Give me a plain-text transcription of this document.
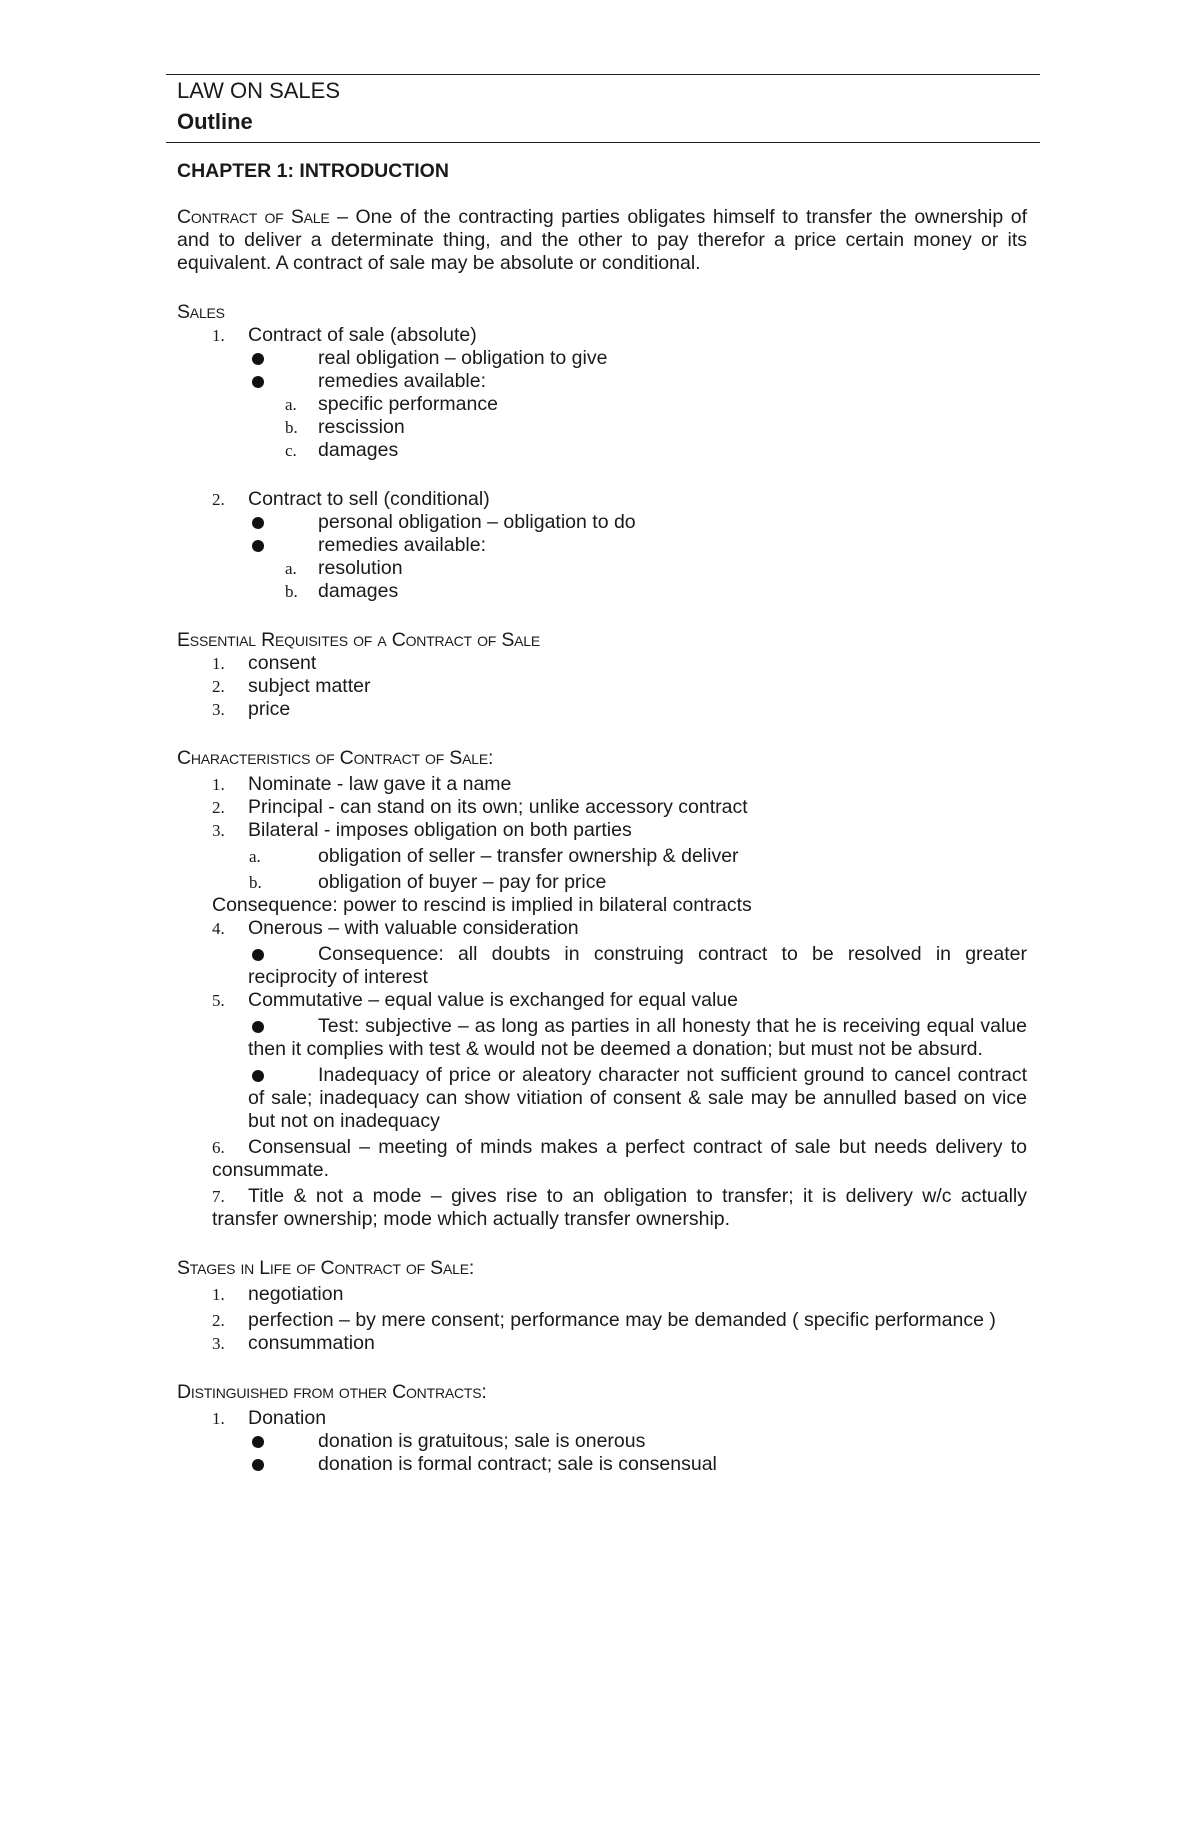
LAW ON SALES
Outline

CHAPTER 1: INTRODUCTION

Contract of Sale – One of the contracting parties obligates himself to transfer the ownership of and to deliver a determinate thing, and the other to pay therefor a price certain money or its equivalent. A contract of sale may be absolute or conditional.

Sales

1. Contract of sale (absolute)

real obligation – obligation to give

remedies available:

a. specific performance

b. rescission

c. damages

2. Contract to sell (conditional)

personal obligation – obligation to do

remedies available:

a. resolution

b. damages

Essential Requisites of a Contract of Sale

1. consent

2. subject matter

3. price

Characteristics of Contract of Sale:

1. Nominate - law gave it a name

2. Principal - can stand on its own; unlike accessory contract

3. Bilateral - imposes obligation on both parties

a.	obligation of seller – transfer ownership & deliver

b.	obligation of buyer – pay for price

Consequence: power to rescind is implied in bilateral contracts

4. Onerous – with valuable consideration

Consequence: all doubts in construing contract to be resolved in greater reciprocity of interest

5. Commutative – equal value is exchanged for equal value

Test: subjective – as long as parties in all honesty that he is receiving equal value then it complies with test & would not be deemed a donation; but must not be absurd.

Inadequacy of price or aleatory character not sufficient ground to cancel contract of sale; inadequacy can show vitiation of consent & sale may be annulled based on vice but not on inadequacy

6. Consensual – meeting of minds makes a perfect contract of sale but needs delivery to consummate.

7. Title & not a mode – gives rise to an obligation to transfer; it is delivery w/c actually transfer ownership; mode which actually transfer ownership.

Stages in Life of Contract of Sale:

1. negotiation

2. perfection – by mere consent; performance may be demanded ( specific performance )

3. consummation

Distinguished from other Contracts:

1. Donation

donation is gratuitous; sale is onerous

donation is formal contract; sale is consensual
